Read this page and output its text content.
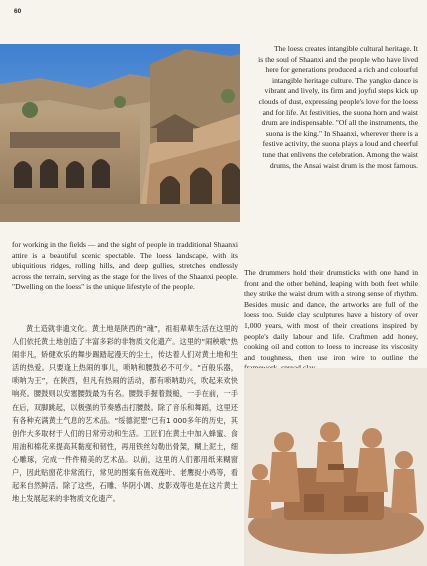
60

The loess creates intangible cultural heritage. It is the soul of Shaanxi and the people who have lived here for generations produced a rich and colourful intangible heritage culture. The yangko dance is vibrant and lively, its firm and joyful steps kick up clouds of dust, expressing people's love for the loess and for life. At festivities, the suona horn and waist drum are indispensable. "Of all the instruments, the suona is the king." In Shaanxi, wherever there is a festive activity, the suona plays a loud and cheerful tune that enlivens the celebration. Among the waist drums, the Ansai waist drum is the most famous.

for working in the fields — and the sight of people in tradditional Shaanxi attire is a beautiful scenic spectable. The loess landscape, with its ubiquitious ridges, rolling hills, and deep gullies, stretches endlessly across the terrain, serving as the stage for the lives of the Shaanxi people. "Dwelling on the loess" is the unique lifestyle of the people.

The drummers hold their drumsticks with one hand in front and the other behind, leaping with both feet while they strike the waist drum with a strong sense of rhythm. Besides music and dance, the artworks are full of the loess too. Suide clay sculptures have a history of over 1,000 years, with most of their creations inspired by people's daily labour and life. Craftmen add honey, cooking oil and cotton to loess to increase its viscosity and toughness, then use iron wire to outline the

黄土造就非遗文化。黄土地是陕西的“魂”，祖祖辈辈生活在这里的人们依托黄土地创造了丰富多彩的非物质文化遗产。这里的“闹秧歌”热闹非凡，矫健欢乐的舞步踢踏起漫天的尘土，传达着人们对黄土地和生活的热爱。只要逢上热闹的事儿，唢呐和腰鼓必不可少。“百般乐器，唢呐为王”，在陕西，但凡有热闹的活动，都有唢呐助兴，吹起来欢快响亮。腰鼓则以安塞腰鼓最为有名。腰鼓手握着鼓槌，一手在前，一手在后，双脚跳起，以极强的节奏感击打腰鼓。除了音乐和舞蹈，这里还有各种充满黄土气息的艺术品。“绥德泥塑”已有1 000多年的历史，其创作大多取材于人们的日常劳动和生活。工匠们在黄土中加入蜂蜜、食用油和棉花来提高其黏度和韧性，再用铁丝勾勒出骨架，糊上泥土，细心雕琢，完成一件件精美的艺术品。以前，这里的人们都用纸来糊窗户，因此贴窗花非常流行，常见的图案有鱼戏莲叶、老鹰捉小鸡等，看起来自然鲜活。除了这些，石雕、华阴小调、皮影戏等也是在这片黄土地上发展起来的非物质文化遗产。
